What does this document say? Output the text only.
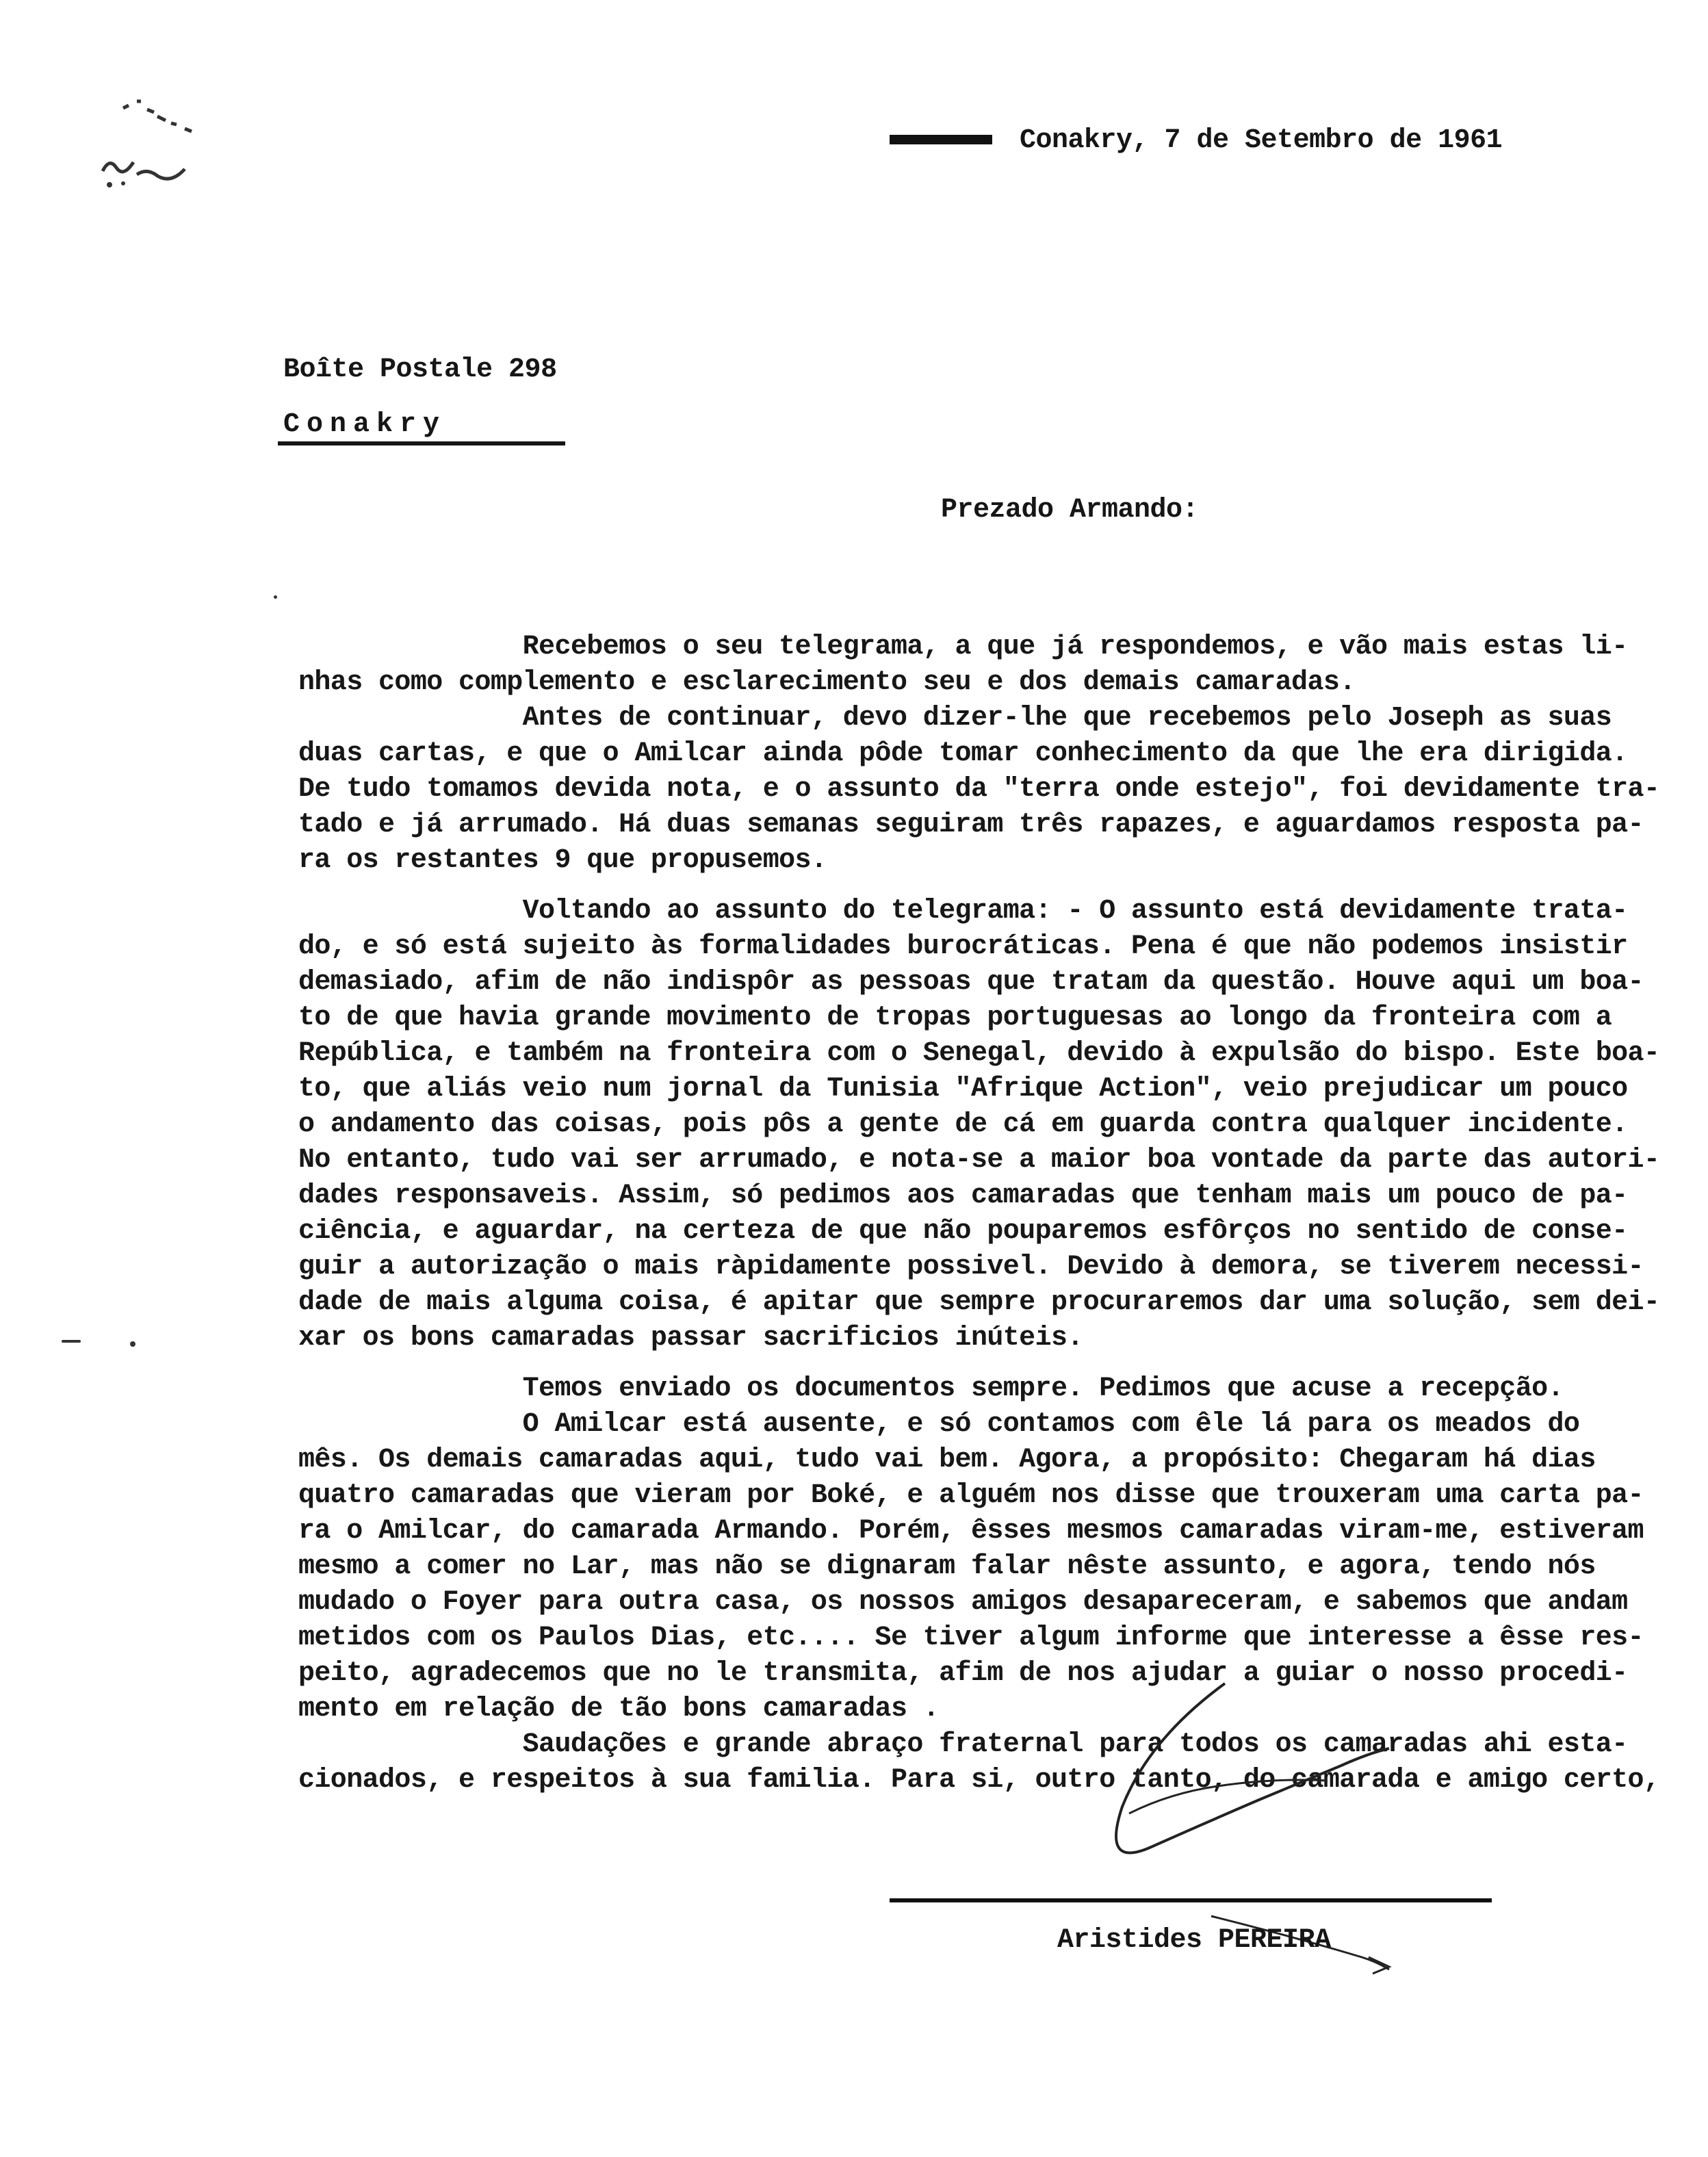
Conakry, 7 de Setembro de 1961
Boîte Postale 298
Conakry
Prezado Armando:
Recebemos o seu telegrama, a que já respondemos, e vão mais estas li-
nhas como complemento e esclarecimento seu e dos demais camaradas.
Antes de continuar, devo dizer-lhe que recebemos pelo Joseph as suas
duas cartas, e que o Amilcar ainda pôde tomar conhecimento da que lhe era dirigida.
De tudo tomamos devida nota, e o assunto da "terra onde estejo", foi devidamente tra-
tado e já arrumado. Há duas semanas seguiram três rapazes, e aguardamos resposta pa-
ra os restantes 9 que propusemos.
Voltando ao assunto do telegrama: - O assunto está devidamente trata-
do, e só está sujeito às formalidades burocráticas. Pena é que não podemos insistir
demasiado, afim de não indispôr as pessoas que tratam da questão. Houve aqui um boa-
to de que havia grande movimento de tropas portuguesas ao longo da fronteira com a
República, e também na fronteira com o Senegal, devido à expulsão do bispo. Este boa-
to, que aliás veio num jornal da Tunisia "Afrique Action", veio prejudicar um pouco
o andamento das coisas, pois pôs a gente de cá em guarda contra qualquer incidente.
No entanto, tudo vai ser arrumado, e nota-se a maior boa vontade da parte das autori-
dades responsaveis. Assim, só pedimos aos camaradas que tenham mais um pouco de pa-
ciência, e aguardar, na certeza de que não pouparemos esfôrços no sentido de conse-
guir a autorização o mais ràpidamente possivel. Devido à demora, se tiverem necessi-
dade de mais alguma coisa, é apitar que sempre procuraremos dar uma solução, sem dei-
xar os bons camaradas passar sacrificios inúteis.
Temos enviado os documentos sempre. Pedimos que acuse a recepção.
O Amilcar está ausente, e só contamos com êle lá para os meados do
mês. Os demais camaradas aqui, tudo vai bem. Agora, a propósito: Chegaram há dias
quatro camaradas que vieram por Boké, e alguém nos disse que trouxeram uma carta pa-
ra o Amilcar, do camarada Armando. Porém, êsses mesmos camaradas viram-me, estiveram
mesmo a comer no Lar, mas não se dignaram falar nêste assunto, e agora, tendo nós
mudado o Foyer para outra casa, os nossos amigos desapareceram, e sabemos que andam
metidos com os Paulos Dias, etc.... Se tiver algum informe que interesse a êsse res-
peito, agradecemos que no le transmita, afim de nos ajudar a guiar o nosso procedi-
mento em relação de tão bons camaradas .
Saudações e grande abraço fraternal para todos os camaradas ahi esta-
cionados, e respeitos à sua familia. Para si, outro tanto, do camarada e amigo certo,
Aristides PEREIRA
